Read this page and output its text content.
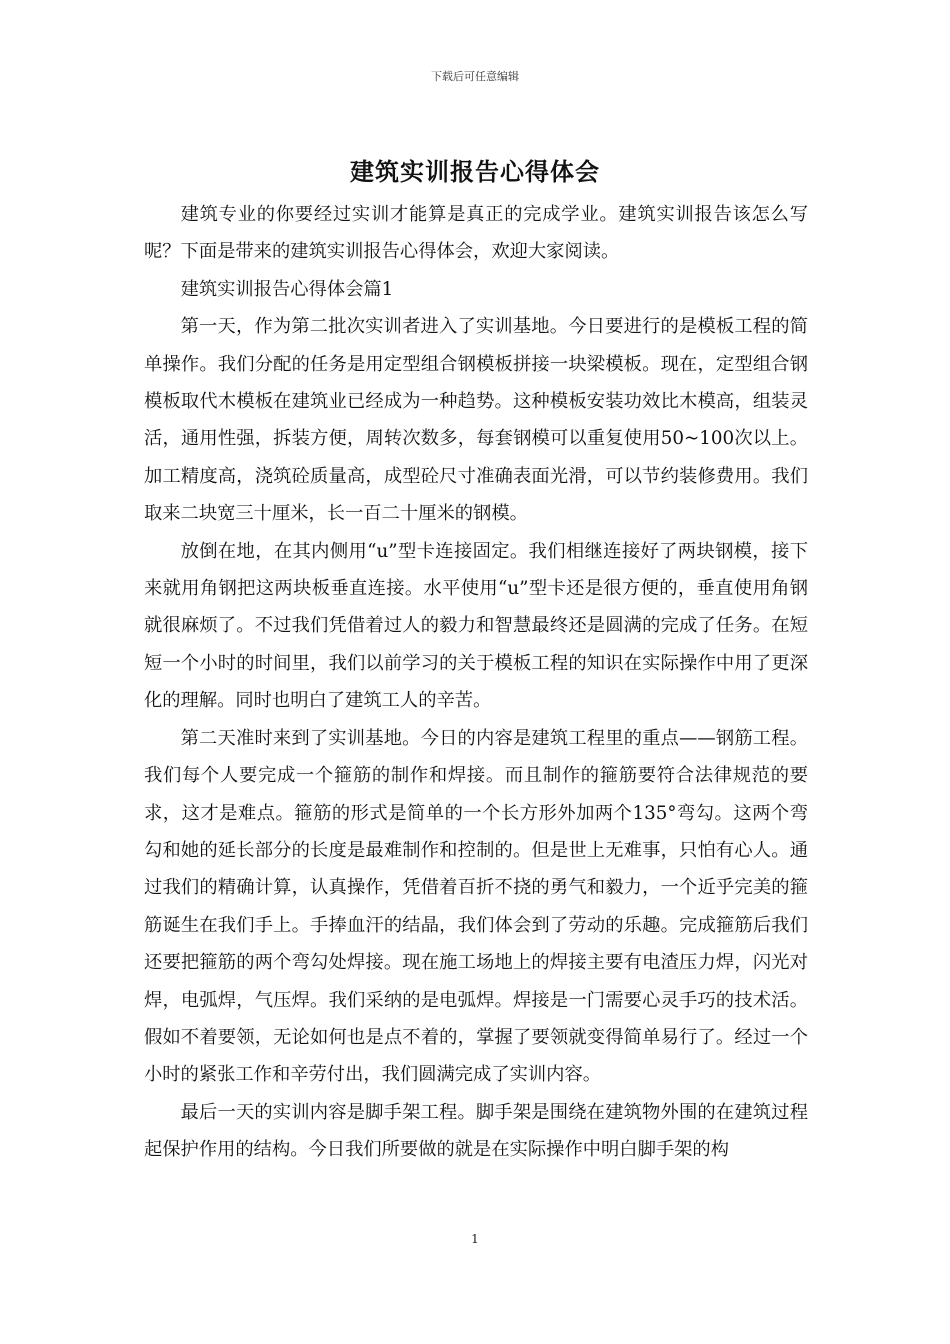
下载后可任意编辑
建筑实训报告心得体会

建筑专业的你要经过实训才能算是真正的完成学业。建筑实训报告该怎么写呢？下面是带来的建筑实训报告心得体会，欢迎大家阅读。

建筑实训报告心得体会篇1

第一天，作为第二批次实训者进入了实训基地。今日要进行的是模板工程的简单操作。我们分配的任务是用定型组合钢模板拼接一块梁模板。现在，定型组合钢模板取代木模板在建筑业已经成为一种趋势。这种模板安装功效比木模高，组装灵活，通用性强，拆装方便，周转次数多，每套钢模可以重复使用50~100次以上。加工精度高，浇筑砼质量高，成型砼尺寸准确表面光滑，可以节约装修费用。我们取来二块宽三十厘米，长一百二十厘米的钢模。

放倒在地，在其内侧用“u”型卡连接固定。我们相继连接好了两块钢模，接下来就用角钢把这两块板垂直连接。水平使用“u”型卡还是很方便的，垂直使用角钢就很麻烦了。不过我们凭借着过人的毅力和智慧最终还是圆满的完成了任务。在短短一个小时的时间里，我们以前学习的关于模板工程的知识在实际操作中用了更深化的理解。同时也明白了建筑工人的辛苦。

第二天准时来到了实训基地。今日的内容是建筑工程里的重点——钢筋工程。我们每个人要完成一个箍筋的制作和焊接。而且制作的箍筋要符合法律规范的要求，这才是难点。箍筋的形式是简单的一个长方形外加两个135°弯勾。这两个弯勾和她的延长部分的长度是最难制作和控制的。但是世上无难事，只怕有心人。通过我们的精确计算，认真操作，凭借着百折不挠的勇气和毅力，一个近乎完美的箍筋诞生在我们手上。手捧血汗的结晶，我们体会到了劳动的乐趣。完成箍筋后我们还要把箍筋的两个弯勾处焊接。现在施工场地上的焊接主要有电渣压力焊，闪光对焊，电弧焊，气压焊。我们采纳的是电弧焊。焊接是一门需要心灵手巧的技术活。假如不着要领，无论如何也是点不着的，掌握了要领就变得简单易行了。经过一个小时的紧张工作和辛劳付出，我们圆满完成了实训内容。

最后一天的实训内容是脚手架工程。脚手架是围绕在建筑物外围的在建筑过程起保护作用的结构。今日我们所要做的就是在实际操作中明白脚手架的构

1
